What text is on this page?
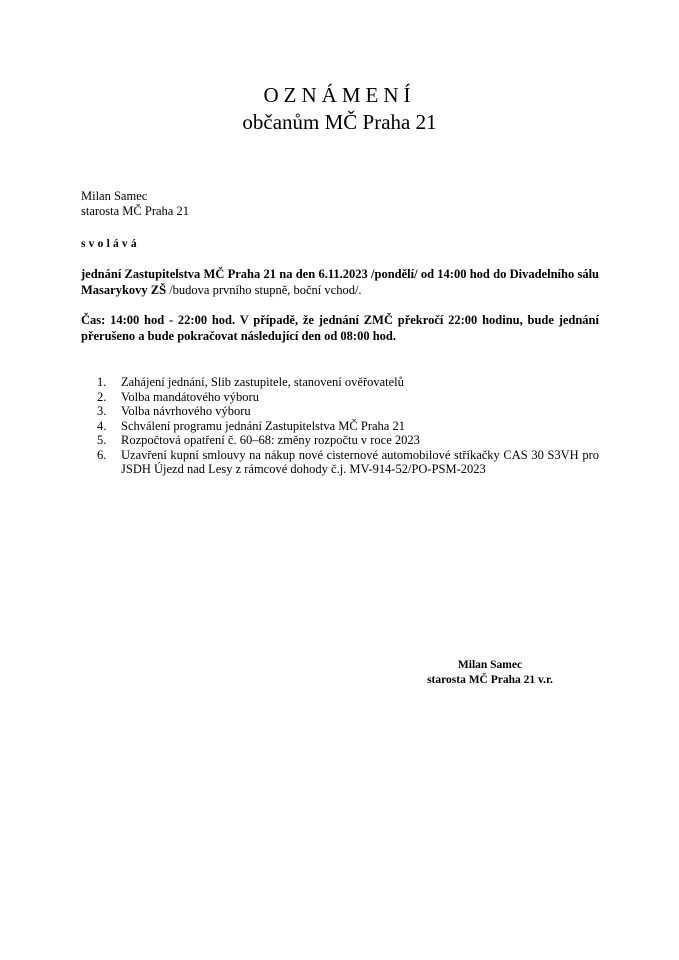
OZNÁMENÍ
občanům MČ Praha 21
Milan Samec
starosta MČ Praha 21
svolává
jednání Zastupitelstva MČ Praha 21 na den 6.11.2023 /pondělí/ od 14:00 hod do Divadelního sálu Masarykovy ZŠ /budova prvního stupně, boční vchod/.
Čas: 14:00 hod - 22:00 hod. V případě, že jednání ZMČ překročí 22:00 hodinu, bude jednání přerušeno a bude pokračovat následující den od 08:00 hod.
1.	Zahájení jednání, Slib zastupitele, stanovení ověřovatelů
2.	Volba mandátového výboru
3.	Volba návrhového výboru
4.	Schválení programu jednání Zastupitelstva MČ Praha 21
5.	Rozpočtová opatření č. 60–68: změny rozpočtu v roce 2023
6.	Uzavření kupní smlouvy na nákup nové cisternové automobilové stříkačky CAS 30 S3VH pro JSDH Újezd nad Lesy z rámcové dohody č.j. MV-914-52/PO-PSM-2023
Milan Samec
starosta MČ Praha 21 v.r.
